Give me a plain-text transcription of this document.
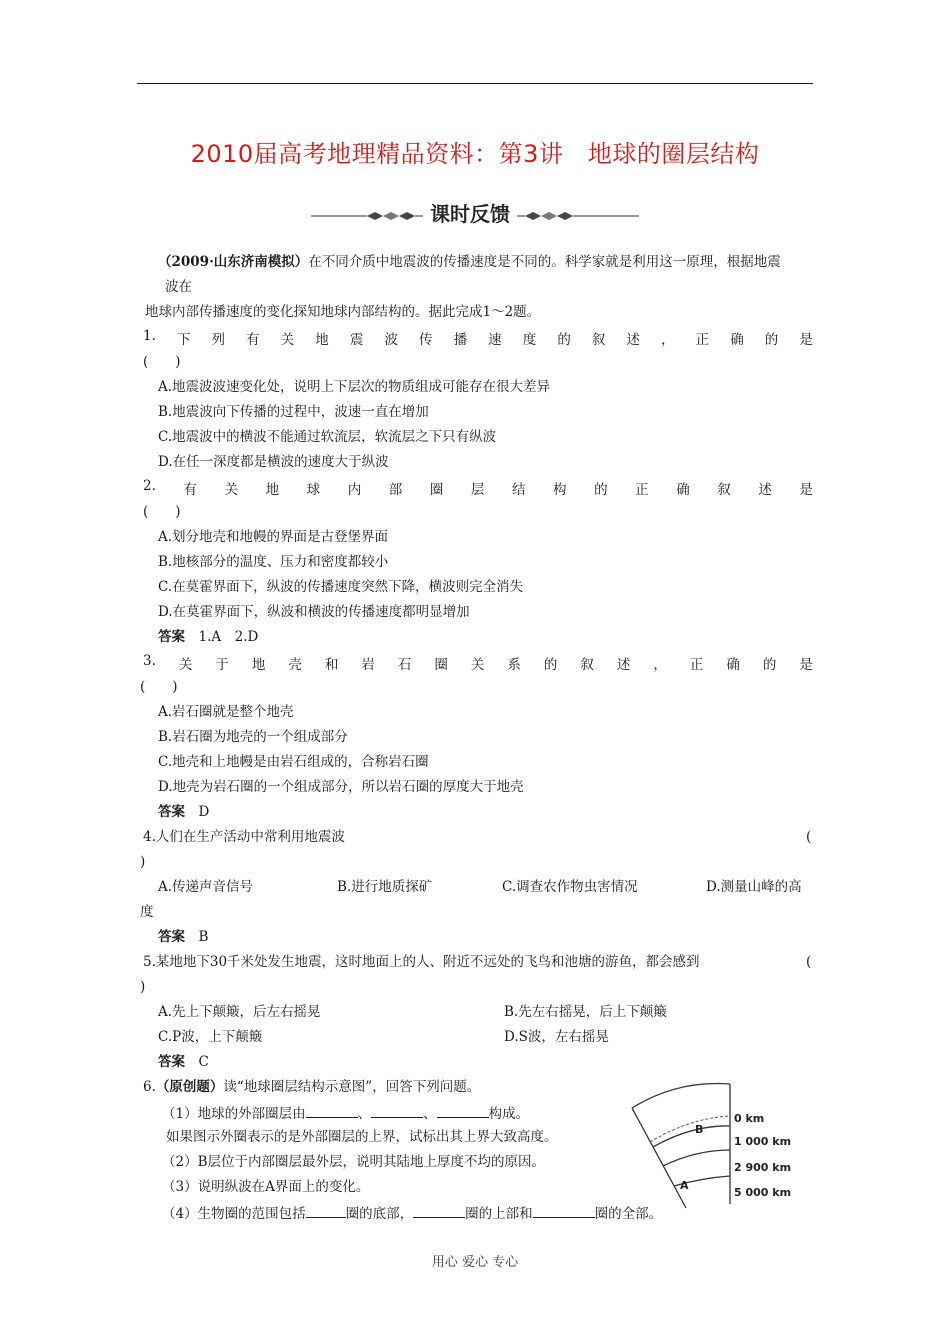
2010届高考地理精品资料：第3讲　地球的圈层结构
课时反馈
（2009·山东济南模拟）在不同介质中地震波的传播速度是不同的。科学家就是利用这一原理，根据地震
波在
地球内部传播速度的变化探知地球内部结构的。据此完成1～2题。
1. 下 列 有 关 地 震 波 传 播 速 度 的 叙 述 ， 正 确 的 是
(　　)
A.地震波波速变化处，说明上下层次的物质组成可能存在很大差异
B.地震波向下传播的过程中，波速一直在增加
C.地震波中的横波不能通过软流层，软流层之下只有纵波
D.在任一深度都是横波的速度大于纵波
2. 有 关 地 球 内 部 圈 层 结 构 的 正 确 叙 述 是
(　　)
A.划分地壳和地幔的界面是古登堡界面
B.地核部分的温度、压力和密度都较小
C.在莫霍界面下，纵波的传播速度突然下降，横波则完全消失
D.在莫霍界面下，纵波和横波的传播速度都明显增加
答案　 1.A　2.D
3. 关 于 地 壳 和 岩 石 圈 关 系 的 叙 述 ， 正 确 的 是
(　　)
A.岩石圈就是整个地壳
B.岩石圈为地壳的一个组成部分
C.地壳和上地幔是由岩石组成的，合称岩石圈
D.地壳为岩石圈的一个组成部分，所以岩石圈的厚度大于地壳
答案　 D
4.人们在生产活动中常利用地震波	(
)
A.传递声音信号	B.进行地质探矿	C.调查农作物虫害情况	D.测量山峰的高
度
答案　 B
5.某地地下30千米处发生地震，这时地面上的人、附近不远处的飞鸟和池塘的游鱼，都会感到	(
)
A.先上下颠簸，后左右摇晃	B.先左右摇晃，后上下颠簸
C.P波，上下颠簸	D.S波，左右摇晃
答案　 C
6.（原创题）读“地球圈层结构示意图”，回答下列问题。
（1）地球的外部圈层由	、	、	构成。
如果图示外圈表示的是外部圈层的上界，试标出其上界大致高度。
（2）B层位于内部圈层最外层，说明其陆地上厚度不均的原因。
（3）说明纵波在A界面上的变化。
（4）生物圈的范围包括	圈的底部，	圈的上部和	圈的全部。
0 km
1 000 km
2 900 km
5 000 km
B
A
用心 爱心 专心
